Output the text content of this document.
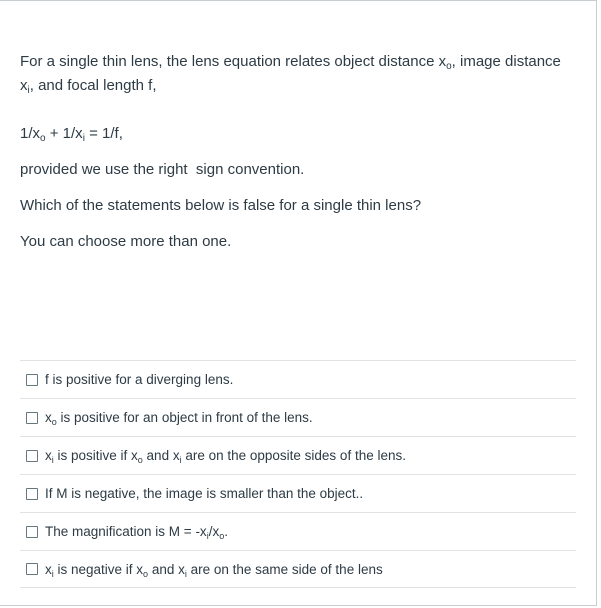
For a single thin lens, the lens equation relates object distance $x_o$, image distance $x_i$, and focal length f,

$1/x_o + 1/x_i = 1/f$,

provided we use the right  sign convention.

Which of the statements below is false for a single thin lens?

You can choose more than one.

f is positive for a diverging lens.
$x_o$ is positive for an object in front of the lens.
$x_i$ is positive if $x_o$ and $x_i$ are on the opposite sides of the lens.
If M is negative, the image is smaller than the object..
The magnification is $M = -x_i/x_o$.
$x_i$ is negative if $x_o$ and $x_i$ are on the same side of the lens
